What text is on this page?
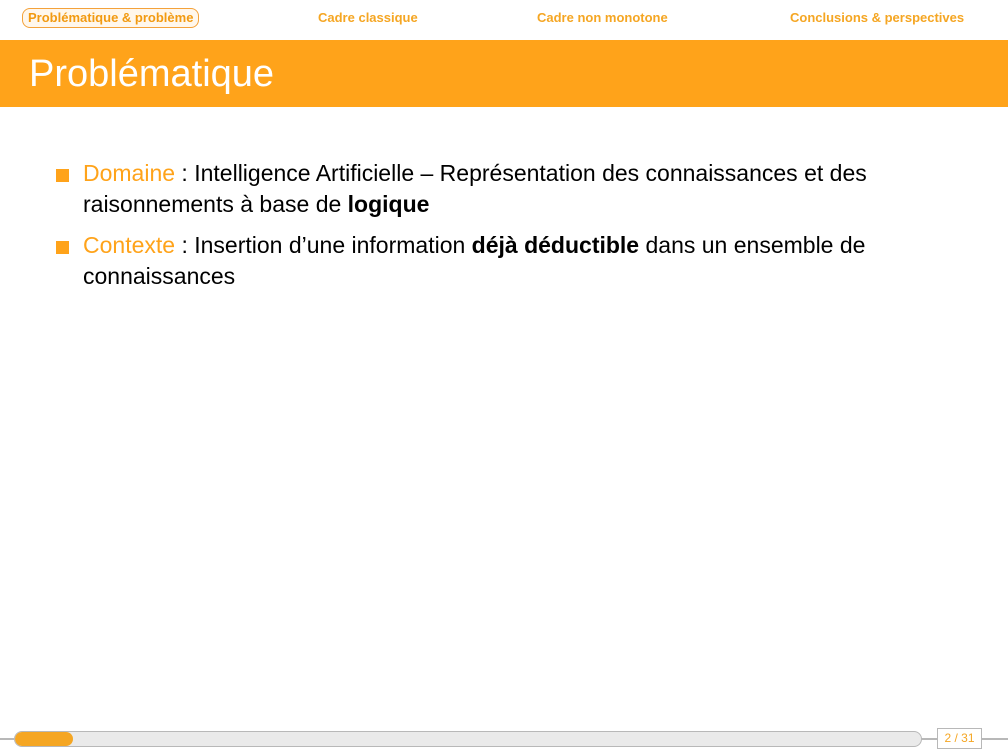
Problématique & problème	Cadre classique	Cadre non monotone	Conclusions & perspectives
Problématique
Domaine : Intelligence Artificielle – Représentation des connaissances et des raisonnements à base de logique
Contexte : Insertion d’une information déjà déductible dans un ensemble de connaissances
2 / 31
